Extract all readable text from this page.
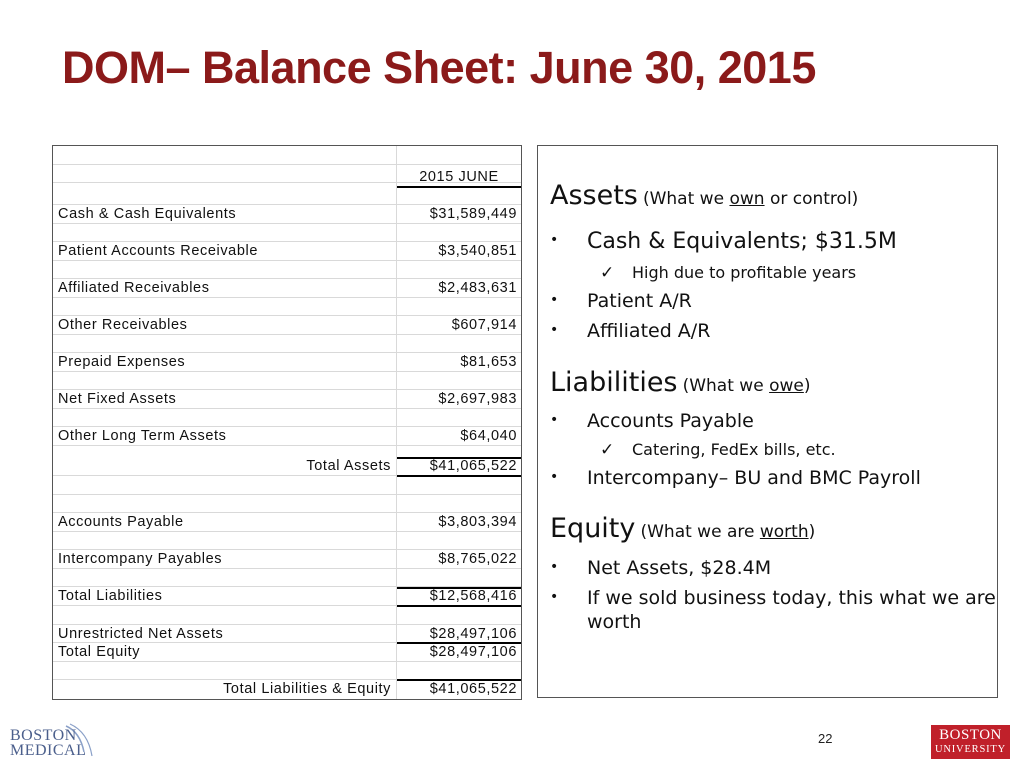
DOM– Balance Sheet: June 30, 2015
2015 JUNE
Cash & Cash Equivalents	$31,589,449
Patient Accounts Receivable	$3,540,851
Affiliated Receivables	$2,483,631
Other Receivables	$607,914
Prepaid Expenses	$81,653
Net Fixed Assets	$2,697,983
Other Long Term Assets	$64,040
Total Assets	$41,065,522
Accounts Payable	$3,803,394
Intercompany Payables	$8,765,022
Total Liabilities	$12,568,416
Unrestricted Net Assets	$28,497,106
Total Equity	$28,497,106
Total Liabilities & Equity	$41,065,522
Assets (What we own or control)
• Cash & Equivalents; $31.5M
✓ High due to profitable years
• Patient A/R
• Affiliated A/R
Liabilities (What we owe)
• Accounts Payable
✓ Catering, FedEx bills, etc.
• Intercompany– BU and BMC Payroll
Equity (What we are worth)
• Net Assets, $28.4M
• If we sold business today, this what we are
worth
BOSTON
MEDICAL
22	BOSTON
UNIVERSITY
